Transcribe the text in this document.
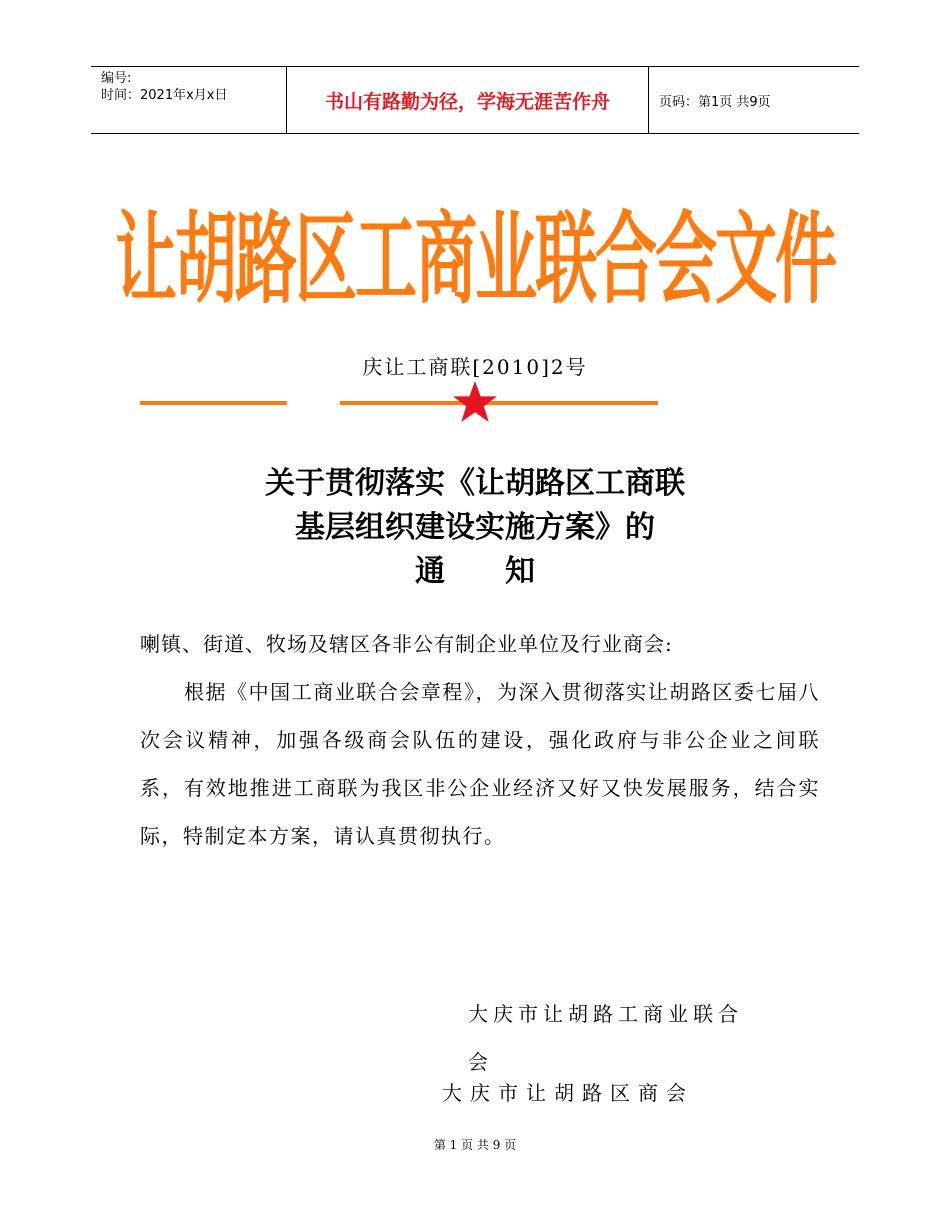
编号:
时间：2021年x月x日	书山有路勤为径，学海无涯苦作舟	页码：第1页 共9页
让胡路区工商业联合会文件
庆让工商联[2010]2号
关于贯彻落实《让胡路区工商联
基层组织建设实施方案》的
通　　知
喇镇、街道、牧场及辖区各非公有制企业单位及行业商会:
根据《中国工商业联合会章程》，为深入贯彻落实让胡路区委七届八次会议精神，加强各级商会队伍的建设，强化政府与非公企业之间联系，有效地推进工商联为我区非公企业经济又好又快发展服务，结合实际，特制定本方案，请认真贯彻执行。
大庆市让胡路工商业联合会
大庆市让胡路区商会
第 1 页 共 9 页
